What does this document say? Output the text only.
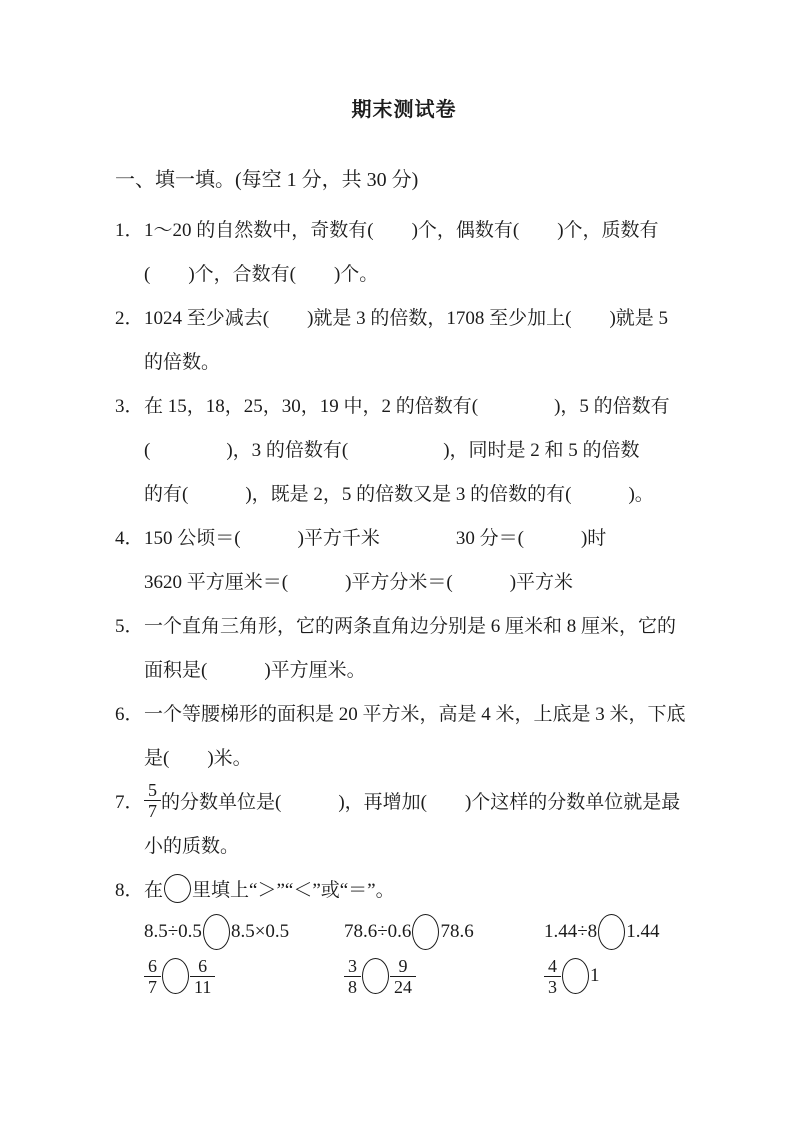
期末测试卷
一、填一填。(每空 1 分，共 30 分)
1． 1～20 的自然数中，奇数有(　　)个，偶数有(　　)个，质数有
(　　)个，合数有(　　)个。
2． 1024 至少减去(　　)就是 3 的倍数，1708 至少加上(　　)就是 5
的倍数。
3． 在 15，18，25，30，19 中，2 的倍数有(　　　　)，5 的倍数有
(　　　　)，3 的倍数有(　　　　　)，同时是 2 和 5 的倍数
的有(　　　)，既是 2，5 的倍数又是 3 的倍数的有(　　　)。
4． 150 公顷＝(　　　)平方千米　　　　30 分＝(　　　)时
3620 平方厘米＝(　　　)平方分米＝(　　　)平方米
5． 一个直角三角形，它的两条直角边分别是 6 厘米和 8 厘米，它的
面积是(　　　)平方厘米。
6． 一个等腰梯形的面积是 20 平方米，高是 4 米，上底是 3 米，下底
是(　　)米。
7． $\frac{5}{7}$ 的分数单位是(　　　)，再增加(　　)个这样的分数单位就是最
小的质数。
8． 在 里填上“＞”“＜”或“＝”。
8.5÷0.5 8.5×0.5	78.6÷0.6 78.6	1.44÷8 1.44
$\frac{6}{7} \frac{6}{11}$	$\frac{3}{8} \frac{9}{24}$	$\frac{4}{3} 1$
